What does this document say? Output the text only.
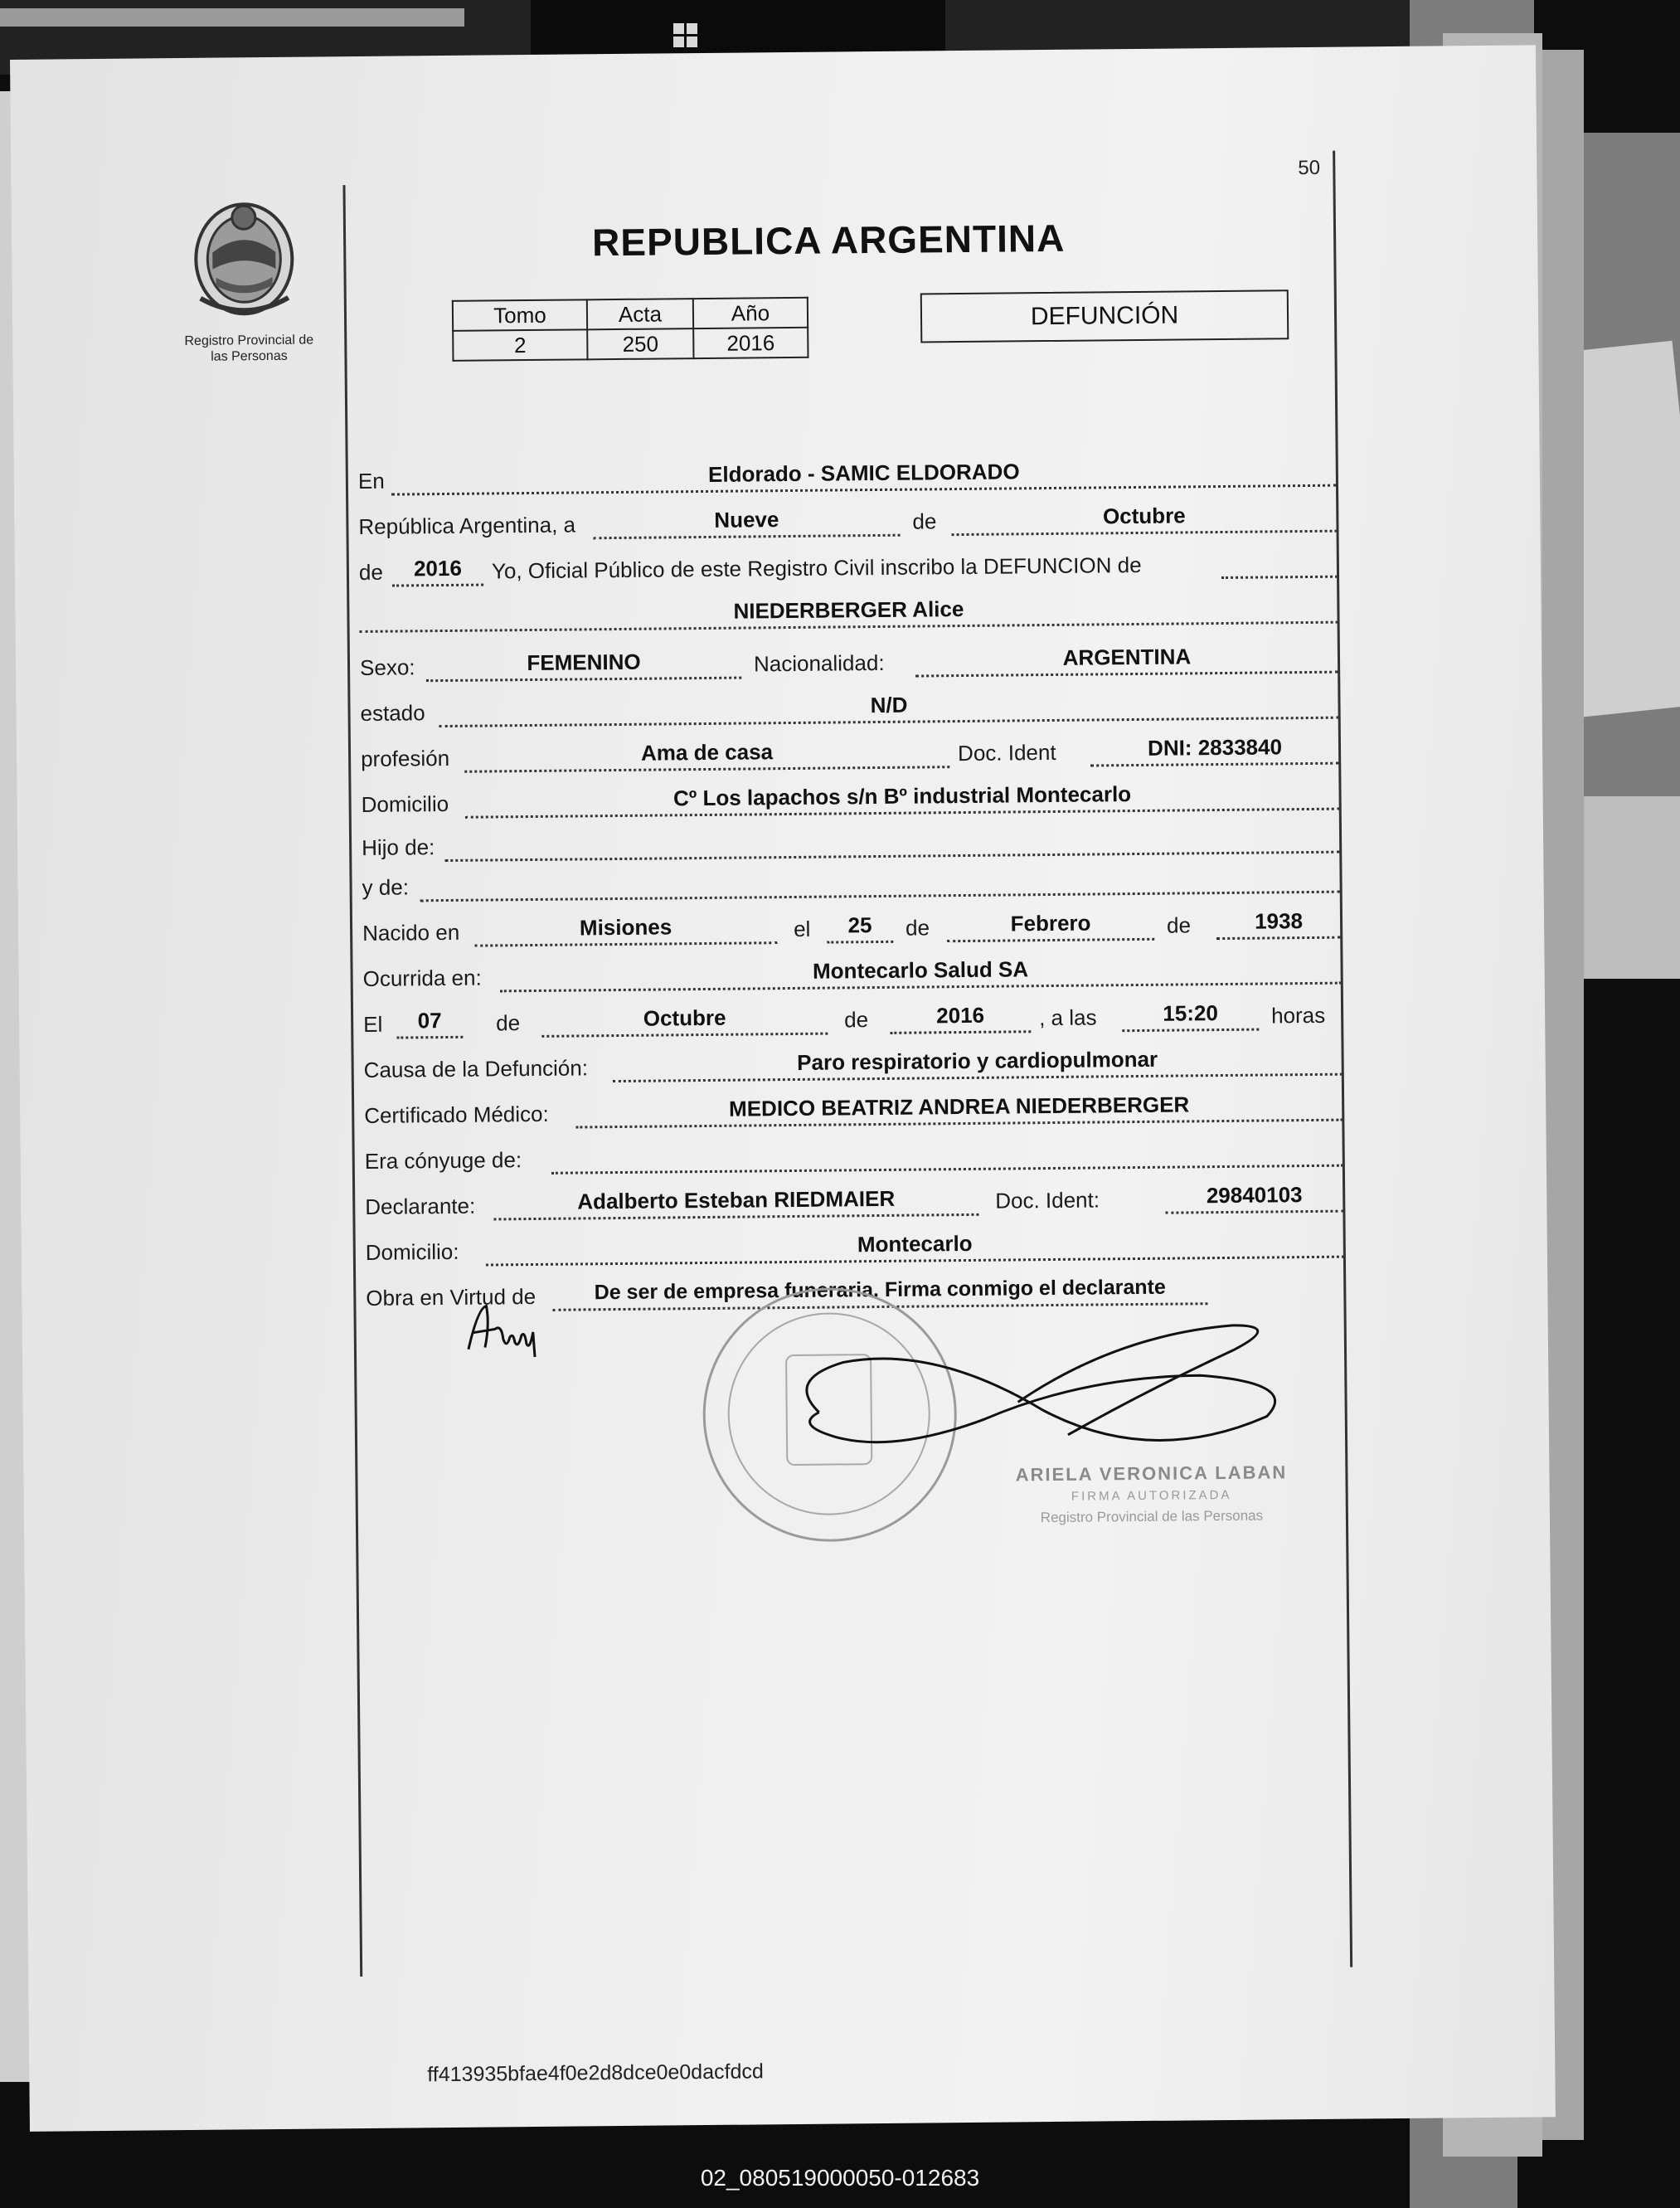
Registro Provincial de
las Personas
50
REPUBLICA ARGENTINA
Tomo	Acta	Año
2	250	2016
DEFUNCIÓN
En	Eldorado - SAMIC ELDORADO
República Argentina, a	Nueve	de	Octubre
de	2016	Yo, Oficial Público de este Registro Civil inscribo la DEFUNCION de
NIEDERBERGER Alice
Sexo:	FEMENINO	Nacionalidad:	ARGENTINA
estado	N/D
profesión	Ama de casa	Doc. Ident	DNI: 2833840
Domicilio	Cº Los lapachos s/n Bº industrial Montecarlo
Hijo de:
y de:
Nacido en	Misiones	el	25	de	Febrero	de	1938
Ocurrida en:	Montecarlo Salud SA
El	07	de	Octubre	de	2016	, a las	15:20	horas
Causa de la Defunción:	Paro respiratorio y cardiopulmonar
Certificado Médico:	MEDICO BEATRIZ ANDREA NIEDERBERGER
Era cónyuge de:
Declarante:	Adalberto Esteban RIEDMAIER	Doc. Ident:	29840103
Domicilio:	Montecarlo
Obra en Virtud de	De ser de empresa funeraria. Firma conmigo el declarante
ARIELA VERONICA LABAN
FIRMA AUTORIZADA
Registro Provincial de las Personas
ff413935bfae4f0e2d8dce0e0dacfdcd
02_080519000050-012683
